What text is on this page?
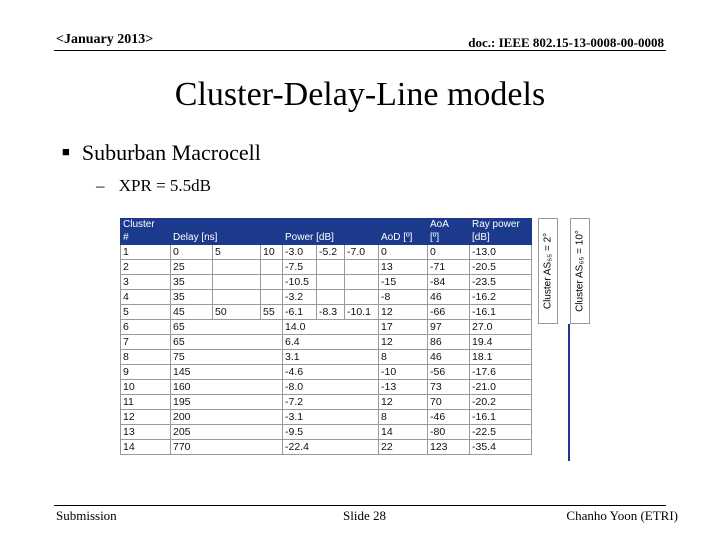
<January 2013>	doc.: IEEE 802.15-13-0008-00-0008
Cluster-Delay-Line models
■ Suburban Macrocell
– XPR = 5.5dB
Cluster								AoA	Ray power
#	Delay [ns]			Power [dB]			AoD [º]	[º]	[dB]
1	0	5	10	-3.0	-5.2	-7.0	0	0	-13.0
2	25			-7.5			13	-71	-20.5
3	35			-10.5			-15	-84	-23.5
4	35			-3.2			-8	46	-16.2
5	45	50	55	-6.1	-8.3	-10.1	12	-66	-16.1
6	65			14.0			17	97	27.0
7	65			6.4			12	86	19.4
8	75			3.1			8	46	18.1
9	145			-4.6			-10	-56	-17.6
10	160			-8.0			-13	73	-21.0
11	195			-7.2			12	70	-20.2
12	200			-3.1			8	-46	-16.1
13	205			-9.5			14	-80	-22.5
14	770			-22.4			22	123	-35.4
Cluster AS₆₅ = 2° Cluster AS₆₅ = 10°
Submission	Slide 28	Chanho Yoon (ETRI)
